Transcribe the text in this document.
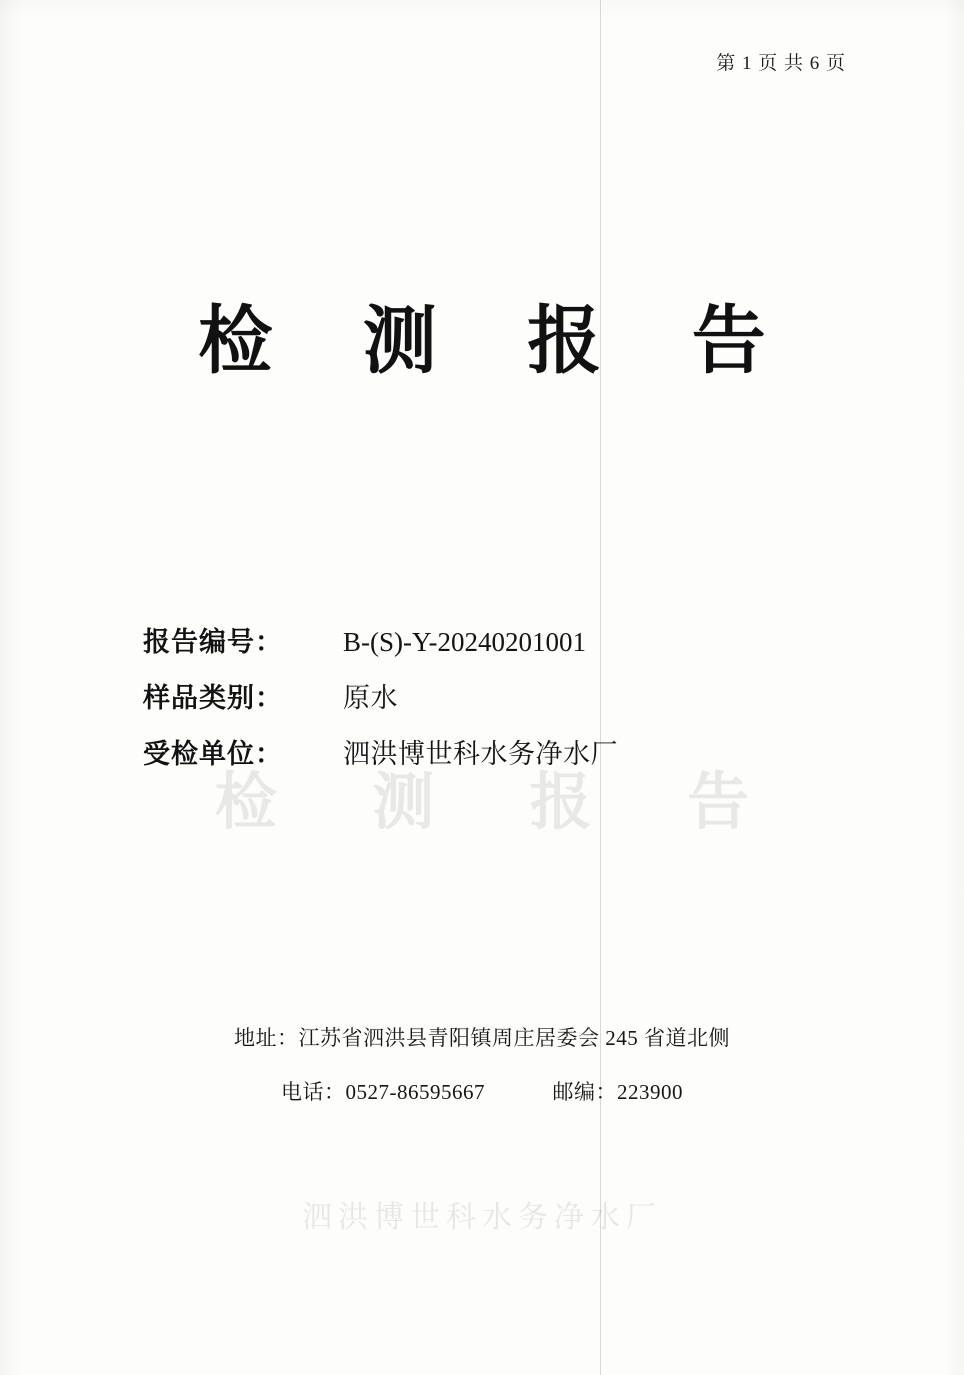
第 1 页 共 6 页
检 测 报 告
检 测 报 告
报告编号：	B-(S)-Y-20240201001
样品类别：	原水
受检单位：	泗洪博世科水务净水厂
地址：江苏省泗洪县青阳镇周庄居委会 245 省道北侧
电话：0527-86595667	邮编：223900
泗洪博世科水务净水厂
